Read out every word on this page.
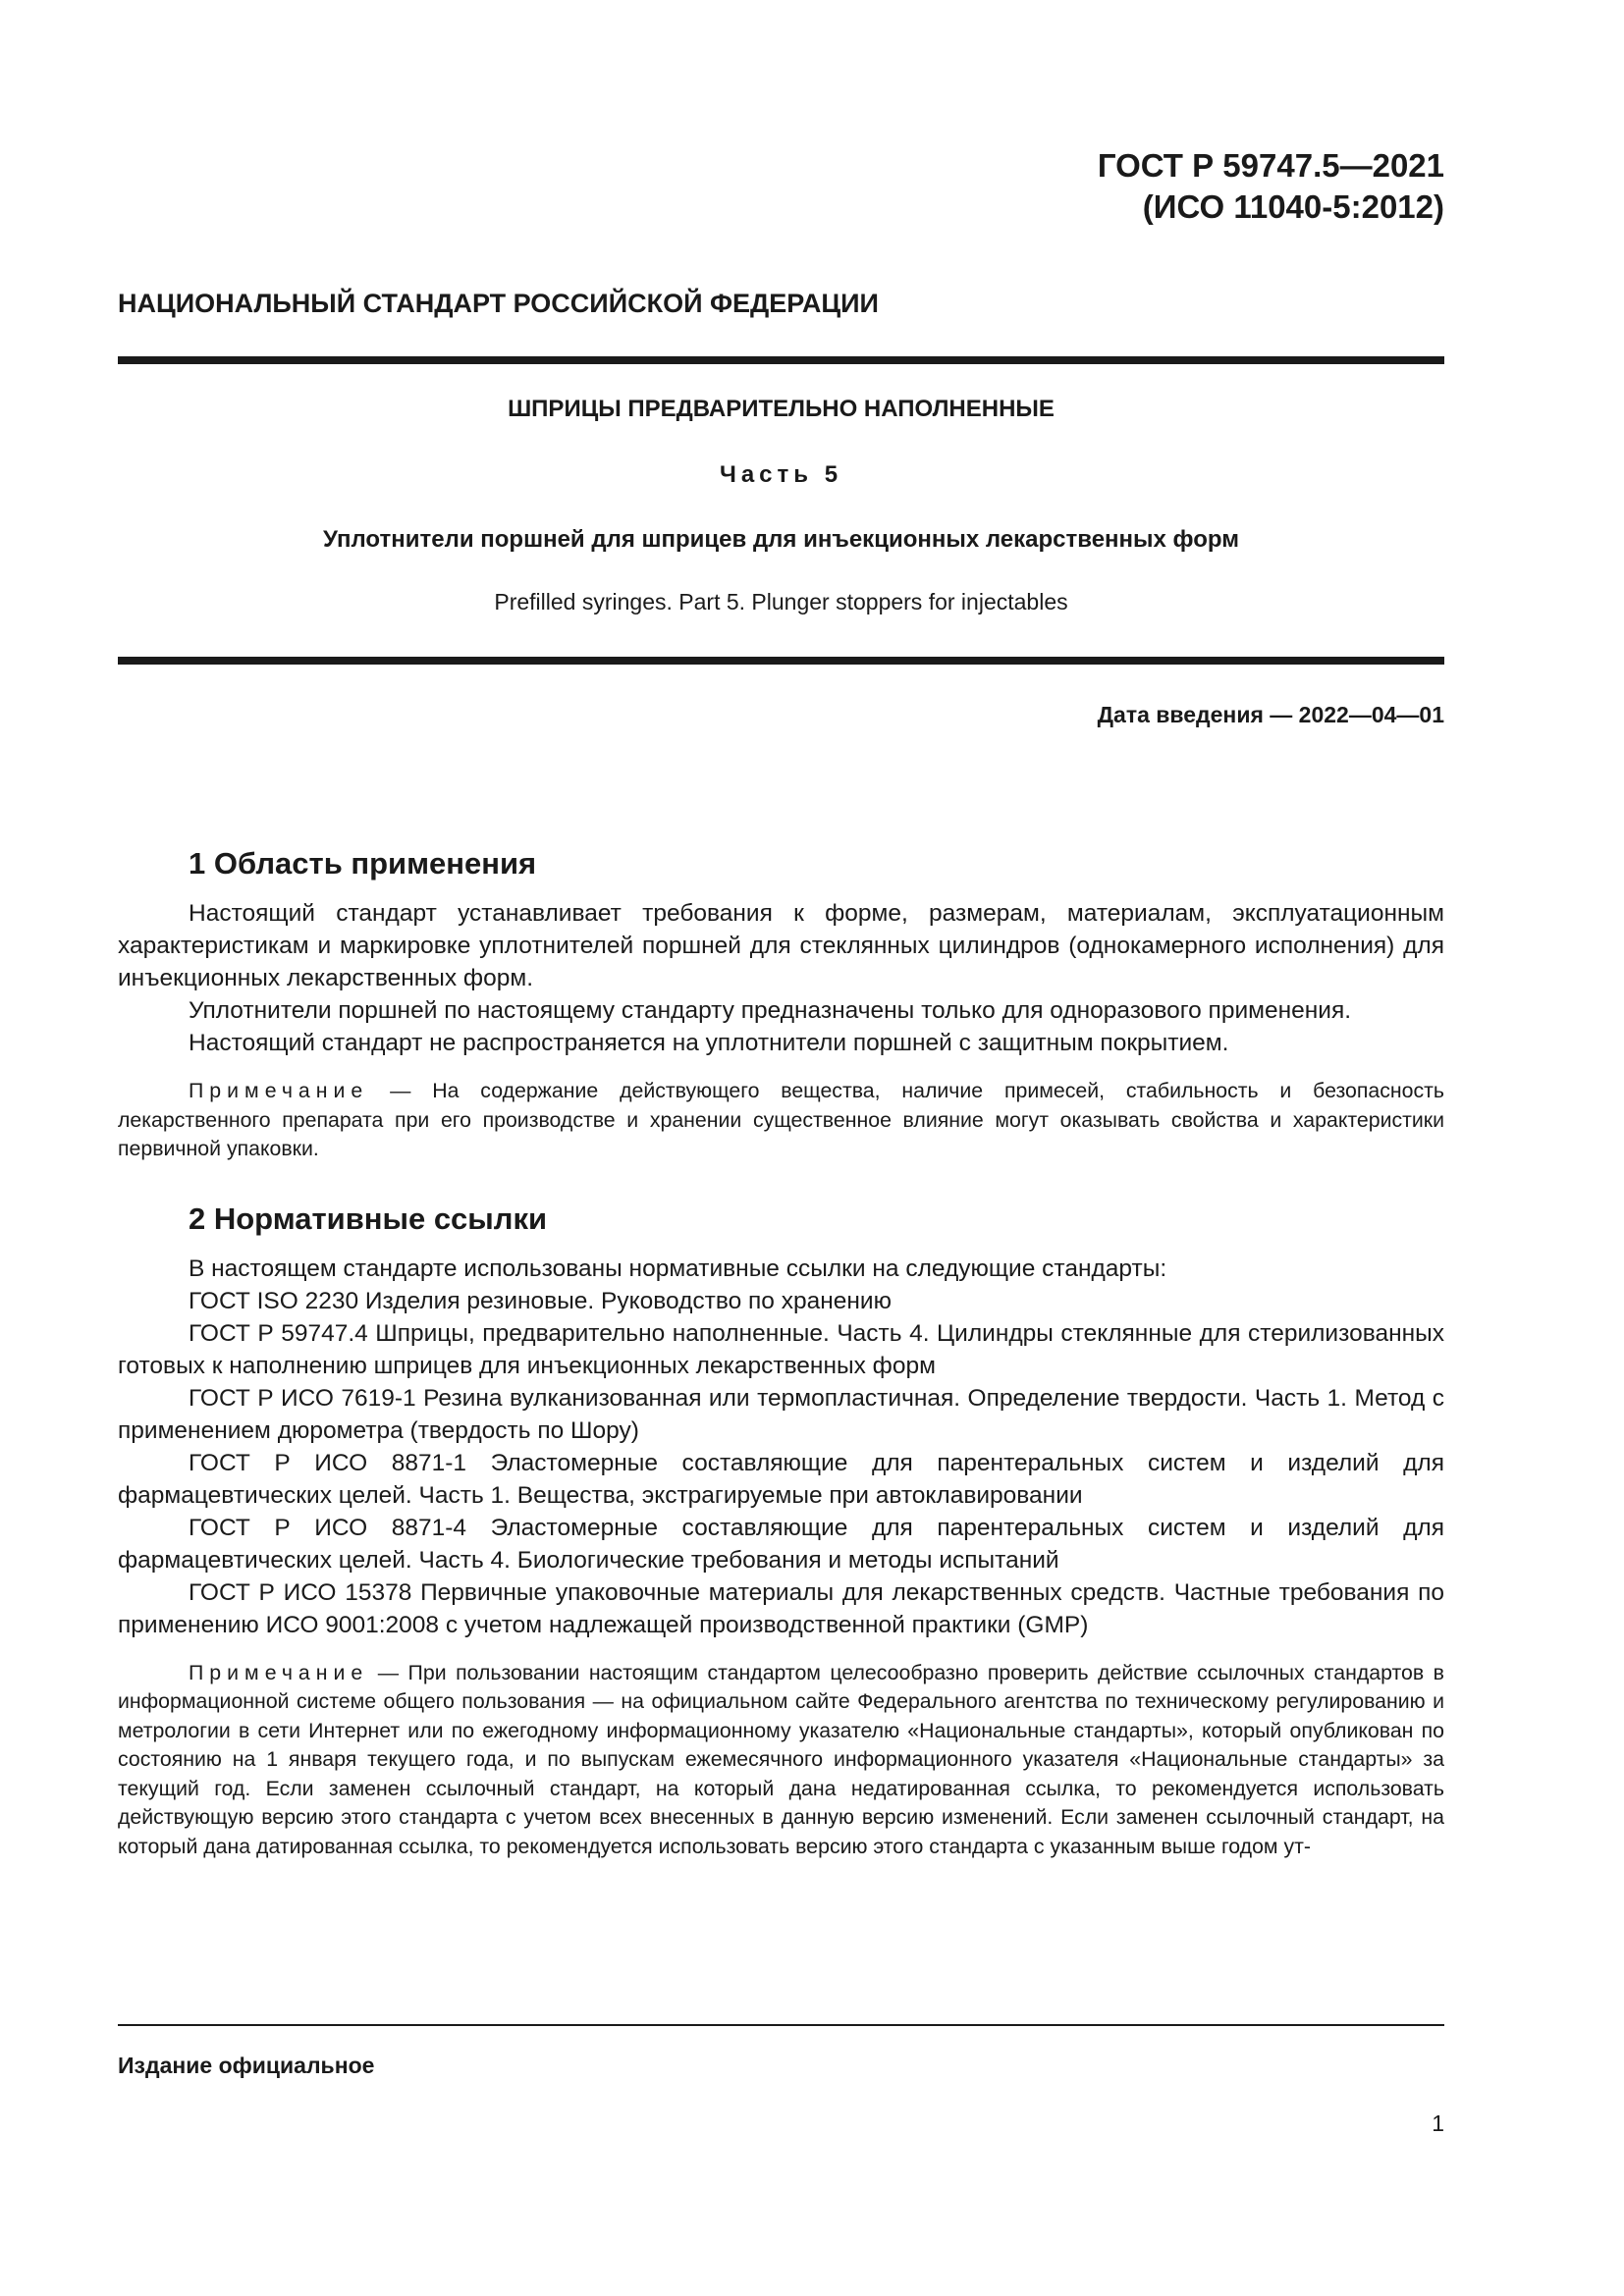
ГОСТ Р 59747.5—2021
(ИСО 11040-5:2012)
НАЦИОНАЛЬНЫЙ СТАНДАРТ РОССИЙСКОЙ ФЕДЕРАЦИИ
ШПРИЦЫ ПРЕДВАРИТЕЛЬНО НАПОЛНЕННЫЕ
Часть 5
Уплотнители поршней для шприцев для инъекционных лекарственных форм
Prefilled syringes. Part 5. Plunger stoppers for injectables
Дата введения — 2022—04—01
1 Область применения

Настоящий стандарт устанавливает требования к форме, размерам, материалам, эксплуатационным характеристикам и маркировке уплотнителей поршней для стеклянных цилиндров (однокамерного исполнения) для инъекционных лекарственных форм.

Уплотнители поршней по настоящему стандарту предназначены только для одноразового применения.

Настоящий стандарт не распространяется на уплотнители поршней с защитным покрытием.

Примечание — На содержание действующего вещества, наличие примесей, стабильность и безопасность лекарственного препарата при его производстве и хранении существенное влияние могут оказывать свойства и характеристики первичной упаковки.

2 Нормативные ссылки

В настоящем стандарте использованы нормативные ссылки на следующие стандарты:

ГОСТ ISO 2230 Изделия резиновые. Руководство по хранению

ГОСТ Р 59747.4 Шприцы, предварительно наполненные. Часть 4. Цилиндры стеклянные для стерилизованных готовых к наполнению шприцев для инъекционных лекарственных форм

ГОСТ Р ИСО 7619-1 Резина вулканизованная или термопластичная. Определение твердости. Часть 1. Метод с применением дюрометра (твердость по Шору)

ГОСТ Р ИСО 8871-1 Эластомерные составляющие для парентеральных систем и изделий для фармацевтических целей. Часть 1. Вещества, экстрагируемые при автоклавировании

ГОСТ Р ИСО 8871-4 Эластомерные составляющие для парентеральных систем и изделий для фармацевтических целей. Часть 4. Биологические требования и методы испытаний

ГОСТ Р ИСО 15378 Первичные упаковочные материалы для лекарственных средств. Частные требования по применению ИСО 9001:2008 с учетом надлежащей производственной практики (GMP)

Примечание — При пользовании настоящим стандартом целесообразно проверить действие ссылочных стандартов в информационной системе общего пользования — на официальном сайте Федерального агентства по техническому регулированию и метрологии в сети Интернет или по ежегодному информационному указателю «Национальные стандарты», который опубликован по состоянию на 1 января текущего года, и по выпускам ежемесячного информационного указателя «Национальные стандарты» за текущий год. Если заменен ссылочный стандарт, на который дана недатированная ссылка, то рекомендуется использовать действующую версию этого стандарта с учетом всех внесенных в данную версию изменений. Если заменен ссылочный стандарт, на который дана датированная ссылка, то рекомендуется использовать версию этого стандарта с указанным выше годом ут-

Издание официальное
1
